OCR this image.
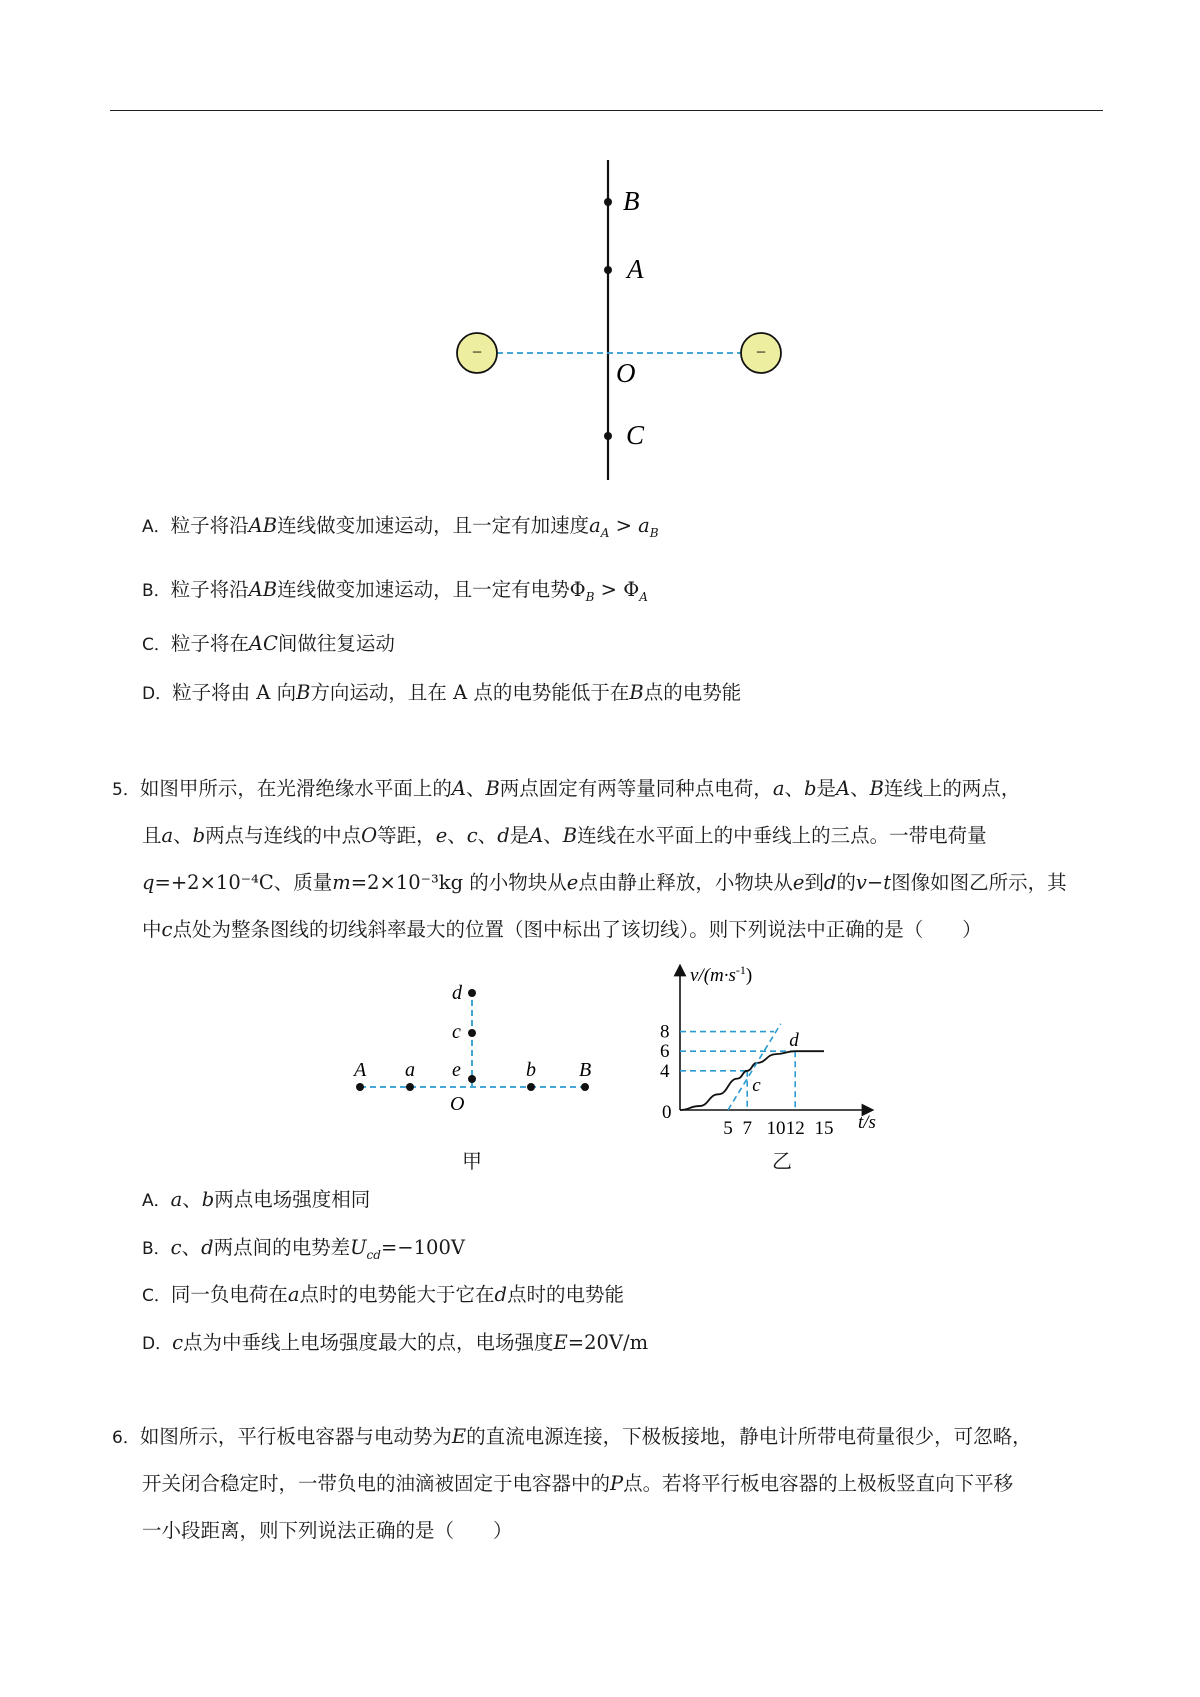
−	−
B
A
O
C
A．粒子将沿AB连线做变加速运动，且一定有加速度$a_A > a_B$
B．粒子将沿AB连线做变加速运动，且一定有电势$\Phi_B > \Phi_A$
C．粒子将在AC间做往复运动
D．粒子将由 A 向B方向运动，且在 A 点的电势能低于在B点的电势能
5．如图甲所示，在光滑绝缘水平面上的A、B两点固定有两等量同种点电荷，a、b是A、B连线上的两点，
且a、b两点与连线的中点O等距，e、c、d是A、B连线在水平面上的中垂线上的三点。一带电荷量
q=+2×10⁻⁴C、质量m=2×10⁻³kg 的小物块从e点由静止释放，小物块从e到d的v−t图像如图乙所示，其
中c点处为整条图线的切线斜率最大的位置（图中标出了该切线）。则下列说法中正确的是（　　）
A a e	b B
O
c
d
甲
$v/(m\cdot s^{-1})$
t/s
0
5 7 10 12 15
8
6
4
c
d
乙
A．a、b两点电场强度相同
B．c、d两点间的电势差$U_{cd}=-100V$
C．同一负电荷在a点时的电势能大于它在d点时的电势能
D．c点为中垂线上电场强度最大的点，电场强度E=20V/m
6．如图所示，平行板电容器与电动势为E的直流电源连接，下极板接地，静电计所带电荷量很少，可忽略，
开关闭合稳定时，一带负电的油滴被固定于电容器中的P点。若将平行板电容器的上极板竖直向下平移
一小段距离，则下列说法正确的是（　　）
